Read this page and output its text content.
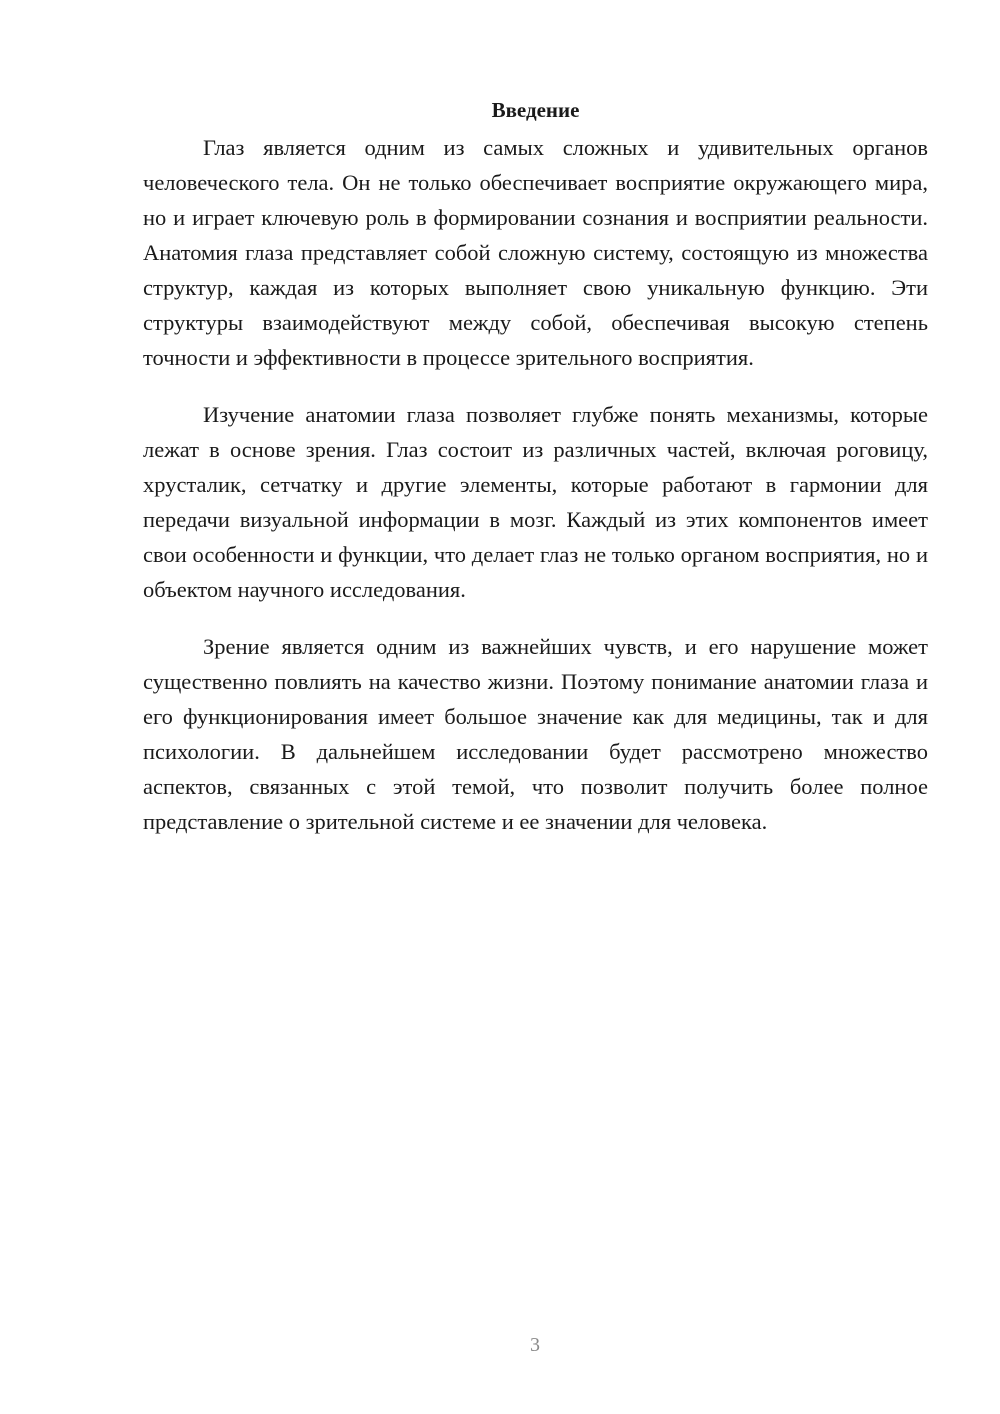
Введение

Глаз является одним из самых сложных и удивительных органов человеческого тела. Он не только обеспечивает восприятие окружающего мира, но и играет ключевую роль в формировании сознания и восприятии реальности. Анатомия глаза представляет собой сложную систему, состоящую из множества структур, каждая из которых выполняет свою уникальную функцию. Эти структуры взаимодействуют между собой, обеспечивая высокую степень точности и эффективности в процессе зрительного восприятия.

Изучение анатомии глаза позволяет глубже понять механизмы, которые лежат в основе зрения. Глаз состоит из различных частей, включая роговицу, хрусталик, сетчатку и другие элементы, которые работают в гармонии для передачи визуальной информации в мозг. Каждый из этих компонентов имеет свои особенности и функции, что делает глаз не только органом восприятия, но и объектом научного исследования.

Зрение является одним из важнейших чувств, и его нарушение может существенно повлиять на качество жизни. Поэтому понимание анатомии глаза и его функционирования имеет большое значение как для медицины, так и для психологии. В дальнейшем исследовании будет рассмотрено множество аспектов, связанных с этой темой, что позволит получить более полное представление о зрительной системе и ее значении для человека.

3
